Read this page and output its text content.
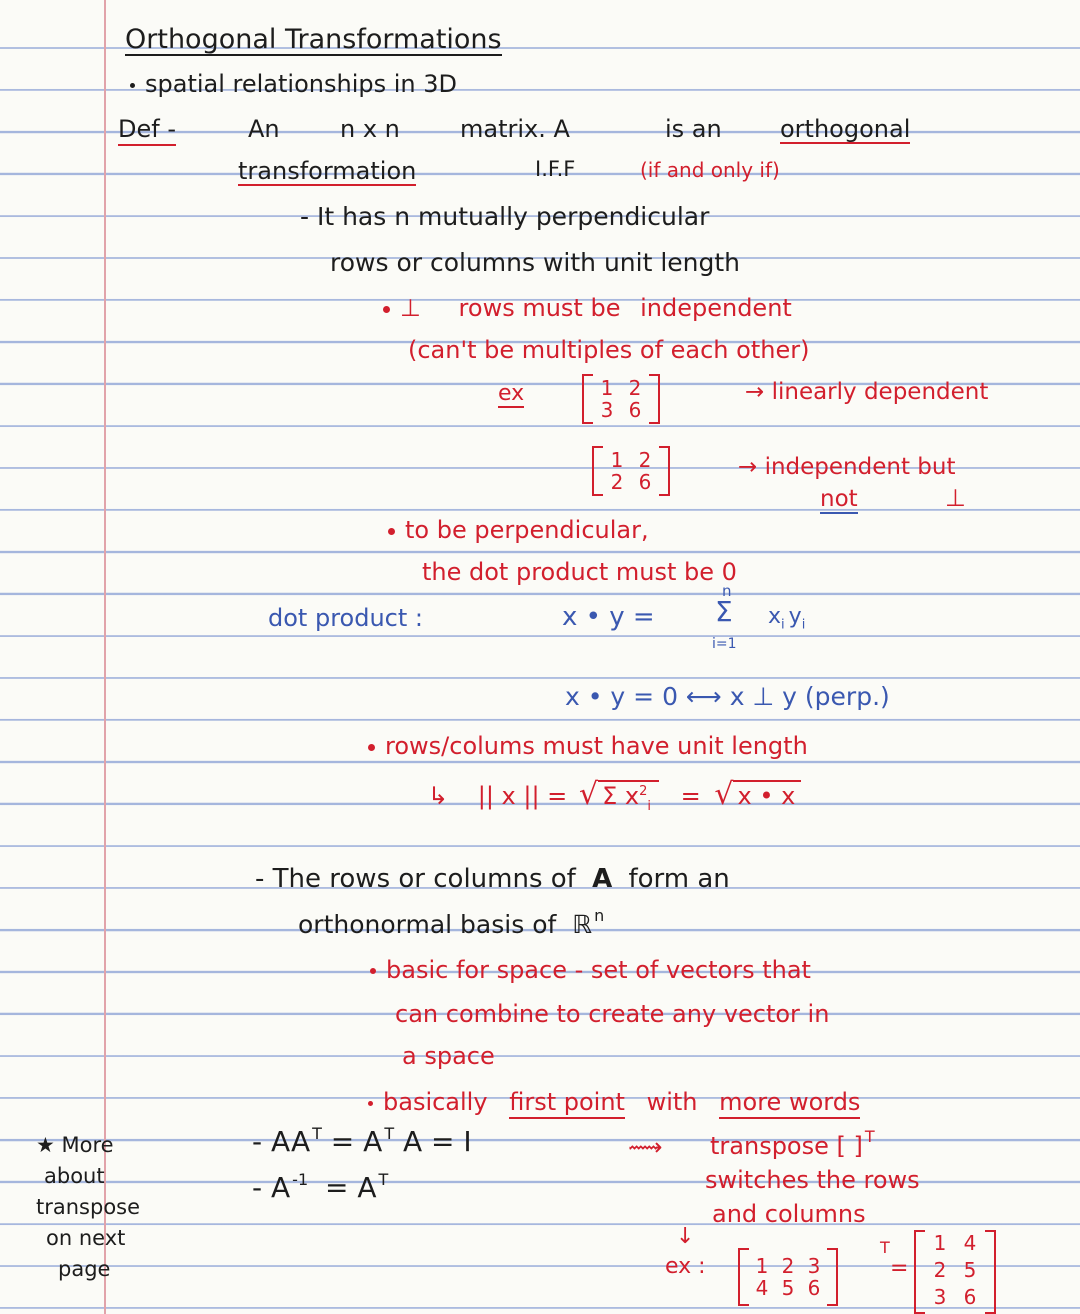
Orthogonal Transformations
spatial relationships in 3D
Def -	An	n x n	matrix. A	is an orthogonal
transformation	I.F.F	(if and only if)
- It has n mutually perpendicular
rows or columns with unit length
⊥ rows must be independent
(can't be multiples of each other)
ex	1 2
3 6
→ linearly dependent
1 2
2 6
→ independent but
not	⊥
to be perpendicular,
the dot product must be 0
dot product :	x • y =
n
Σ
i=1
$x_i$ $y_i$
x • y = 0 ⟷ x ⊥ y (perp.)
rows/colums must have unit length
↳ || x || = √ Σ $x^2_i$ = √ x • x
- The rows or columns of A form an
orthonormal basis of ℝ $^n$
basic for space - set of vectors that
can combine to create any vector in
a space
basically first point with more words
- AA $^T$ = A $^T$ A = I
- A $^{-1}$ = A $^T$
⟿ transpose [ ] $^T$
switches the rows
and columns
↓
ex :	1 2 3
4 5 6
T
=
1 4
2 5
3 6
★ More
about
transpose
on next
page
